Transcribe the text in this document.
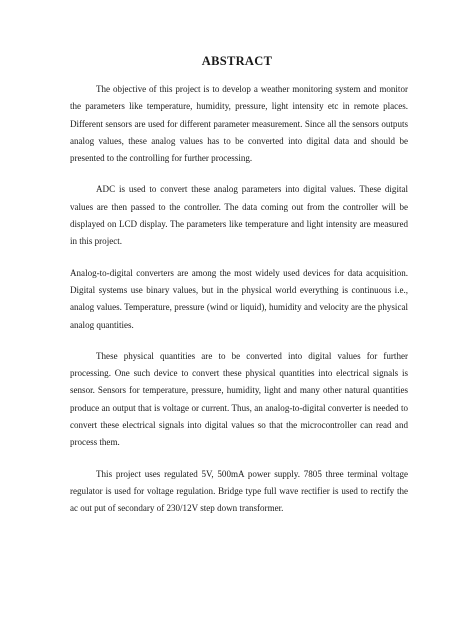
ABSTRACT

The objective of this project is to develop a weather monitoring system and monitor the parameters like temperature, humidity, pressure, light intensity etc in remote places. Different sensors are used for different parameter measurement. Since all the sensors outputs analog values, these analog values has to be converted into digital data and should be presented to the controlling for further processing.

ADC is used to convert these analog parameters into digital values. These digital values are then passed to the controller. The data coming out from the controller will be displayed on LCD display. The parameters like temperature and light intensity are measured in this project.

Analog-to-digital converters are among the most widely used devices for data acquisition. Digital systems use binary values, but in the physical world everything is continuous i.e., analog values. Temperature, pressure (wind or liquid), humidity and velocity are the physical analog quantities.

These physical quantities are to be converted into digital values for further processing. One such device to convert these physical quantities into electrical signals is sensor. Sensors for temperature, pressure, humidity, light and many other natural quantities produce an output that is voltage or current. Thus, an analog-to-digital converter is needed to convert these electrical signals into digital values so that the microcontroller can read and process them.

This project uses regulated 5V, 500mA power supply. 7805 three terminal voltage regulator is used for voltage regulation. Bridge type full wave rectifier is used to rectify the ac out put of secondary of 230/12V step down transformer.
